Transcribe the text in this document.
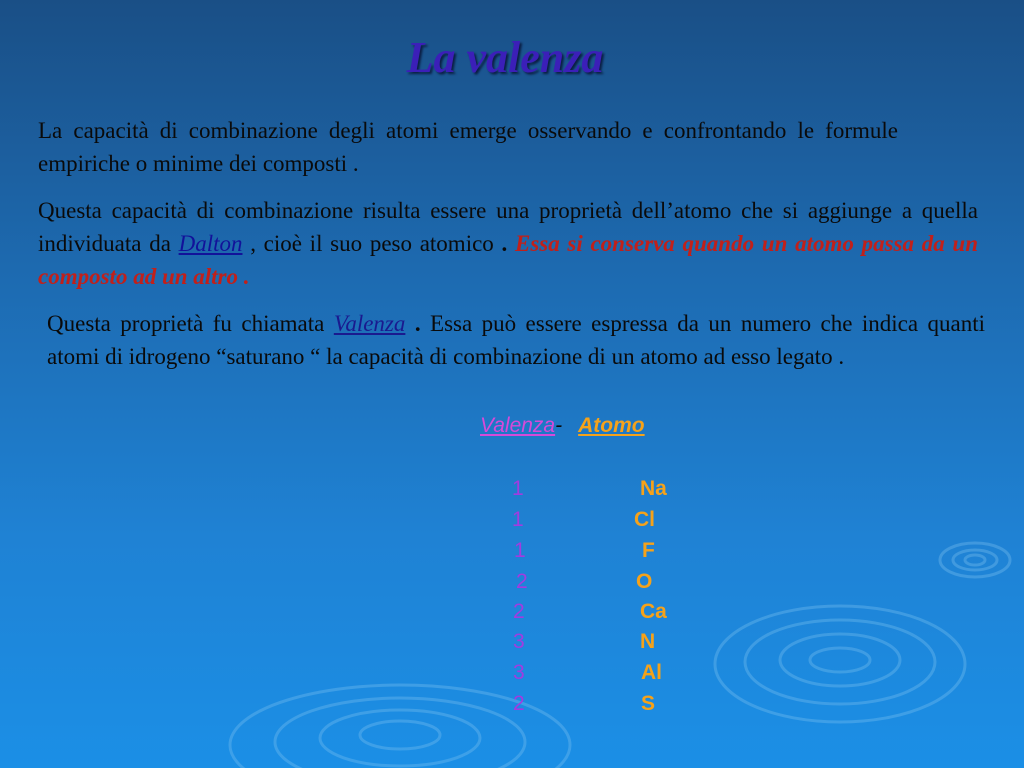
La valenza
La capacità di combinazione degli atomi emerge osservando e confrontando le formule empiriche o minime dei composti .
Questa capacità di combinazione risulta essere una proprietà dell’atomo che si aggiunge a quella individuata da Dalton , cioè il suo peso atomico . Essa si conserva quando un atomo passa da un composto ad un altro .
Questa proprietà fu chiamata Valenza . Essa può essere espressa da un numero che indica quanti atomi di idrogeno “saturano “ la capacità di combinazione di un atomo ad esso legato .
Valenza- Atomo
1	Na
1	Cl
1	F
2	O
2	Ca
3	N
3	Al
2	S
